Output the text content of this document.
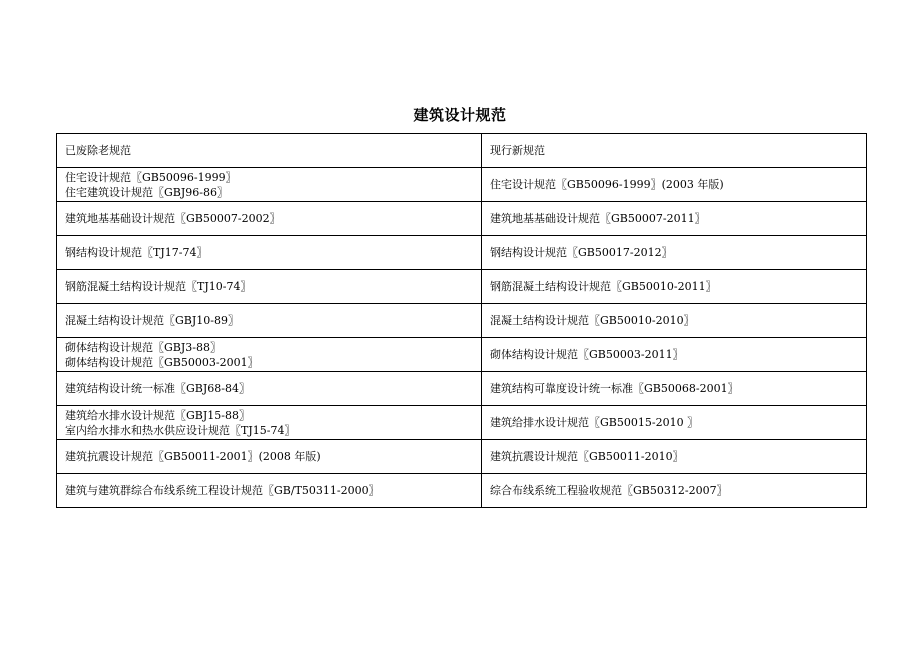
建筑设计规范
已废除老规范	现行新规范

住宅设计规范〖GB50096-1999〗
住宅建筑设计规范〖GBJ96-86〗	住宅设计规范〖GB50096-1999〗(2003 年版)

建筑地基基础设计规范〖GB50007-2002〗	建筑地基基础设计规范〖GB50007-2011〗

钢结构设计规范〖TJ17-74〗	钢结构设计规范〖GB50017-2012〗

钢筋混凝土结构设计规范〖TJ10-74〗	钢筋混凝土结构设计规范〖GB50010-2011〗

混凝土结构设计规范〖GBJ10-89〗	混凝土结构设计规范〖GB50010-2010〗

砌体结构设计规范〖GBJ3-88〗
砌体结构设计规范〖GB50003-2001〗	砌体结构设计规范〖GB50003-2011〗

建筑结构设计统一标准〖GBJ68-84〗	建筑结构可靠度设计统一标准〖GB50068-2001〗

建筑给水排水设计规范〖GBJ15-88〗
室内给水排水和热水供应设计规范〖TJ15-74〗	建筑给排水设计规范〖GB50015-2010 〗

建筑抗震设计规范〖GB50011-2001〗(2008 年版)	建筑抗震设计规范〖GB50011-2010〗

建筑与建筑群综合布线系统工程设计规范〖GB/T50311-2000〗	综合布线系统工程验收规范〖GB50312-2007〗
